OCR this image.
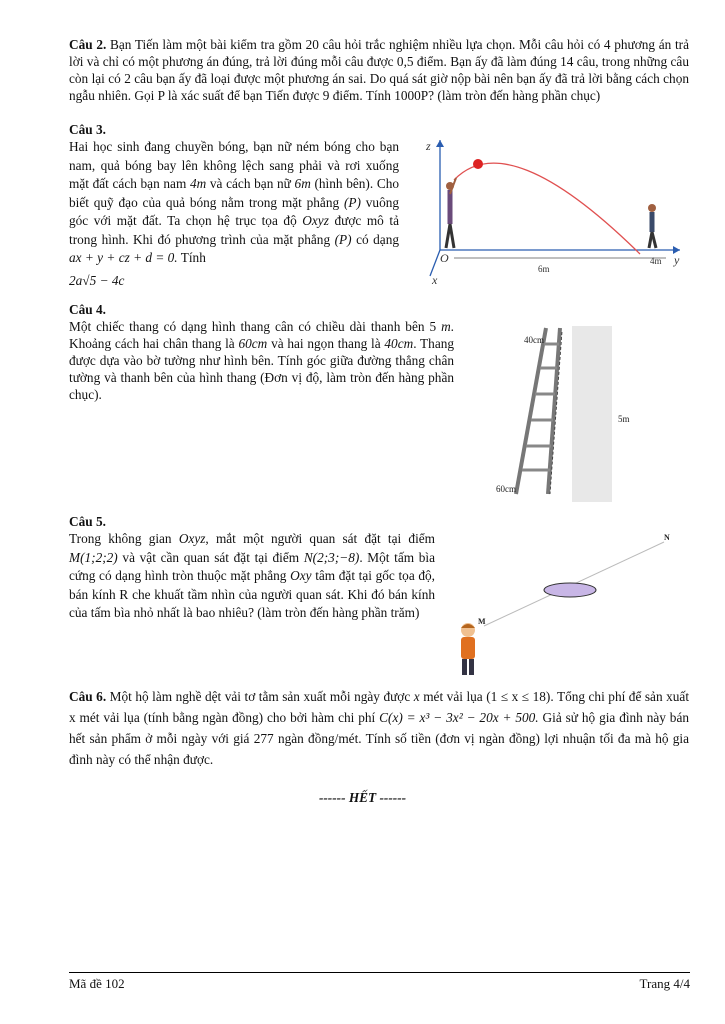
Câu 2. Bạn Tiến làm một bài kiểm tra gồm 20 câu hỏi trắc nghiệm nhiều lựa chọn. Mỗi câu hỏi có 4 phương án trả lời và chỉ có một phương án đúng, trả lời đúng mỗi câu được 0,5 điểm. Bạn ấy đã làm đúng 14 câu, trong những câu còn lại có 2 câu bạn ấy đã loại được một phương án sai. Do quá sát giờ nộp bài nên bạn ấy đã trả lời bằng cách chọn ngẫu nhiên. Gọi P là xác suất để bạn Tiến được 9 điểm. Tính 1000P? (làm tròn đến hàng phần chục)

Câu 3.

Hai học sinh đang chuyền bóng, bạn nữ ném bóng cho bạn nam, quả bóng bay lên không lệch sang phải và rơi xuống mặt đất cách bạn nam 4m và cách bạn nữ 6m (hình bên). Cho biết quỹ đạo của quả bóng nằm trong mặt phẳng (P) vuông góc với mặt đất. Ta chọn hệ trục tọa độ Oxyz được mô tả trong hình. Khi đó phương trình của mặt phẳng (P) có dạng ax + y + cz + d = 0. Tính

2a√5 − 4c

z
O
x
y
6m
4m

Câu 4.

Một chiếc thang có dạng hình thang cân có chiều dài thanh bên 5 m. Khoảng cách hai chân thang là 60cm và hai ngọn thang là 40cm. Thang được dựa vào bờ tường như hình bên. Tính góc giữa đường thẳng chân tường và thanh bên của hình thang (Đơn vị độ, làm tròn đến hàng phần chục).

40cm
5m
60cm

Câu 5.

Trong không gian Oxyz, mắt một người quan sát đặt tại điểm M(1;2;2) và vật cần quan sát đặt tại điểm N(2;3;−8). Một tấm bìa cứng có dạng hình tròn thuộc mặt phẳng Oxy tâm đặt tại gốc tọa độ, bán kính R che khuất tầm nhìn của người quan sát. Khi đó bán kính của tấm bìa nhỏ nhất là bao nhiêu? (làm tròn đến hàng phần trăm)

N
M

Câu 6. Một hộ làm nghề dệt vải tơ tằm sản xuất mỗi ngày được x mét vải lụa (1 ≤ x ≤ 18). Tổng chi phí để sản xuất x mét vải lụa (tính bằng ngàn đồng) cho bởi hàm chi phí C(x) = x³ − 3x² − 20x + 500. Giả sử hộ gia đình này bán hết sản phẩm ở mỗi ngày với giá 277 ngàn đồng/mét. Tính số tiền (đơn vị ngàn đồng) lợi nhuận tối đa mà hộ gia đình này có thể nhận được.

------ HẾT ------
Mã đề 102	Trang 4/4
